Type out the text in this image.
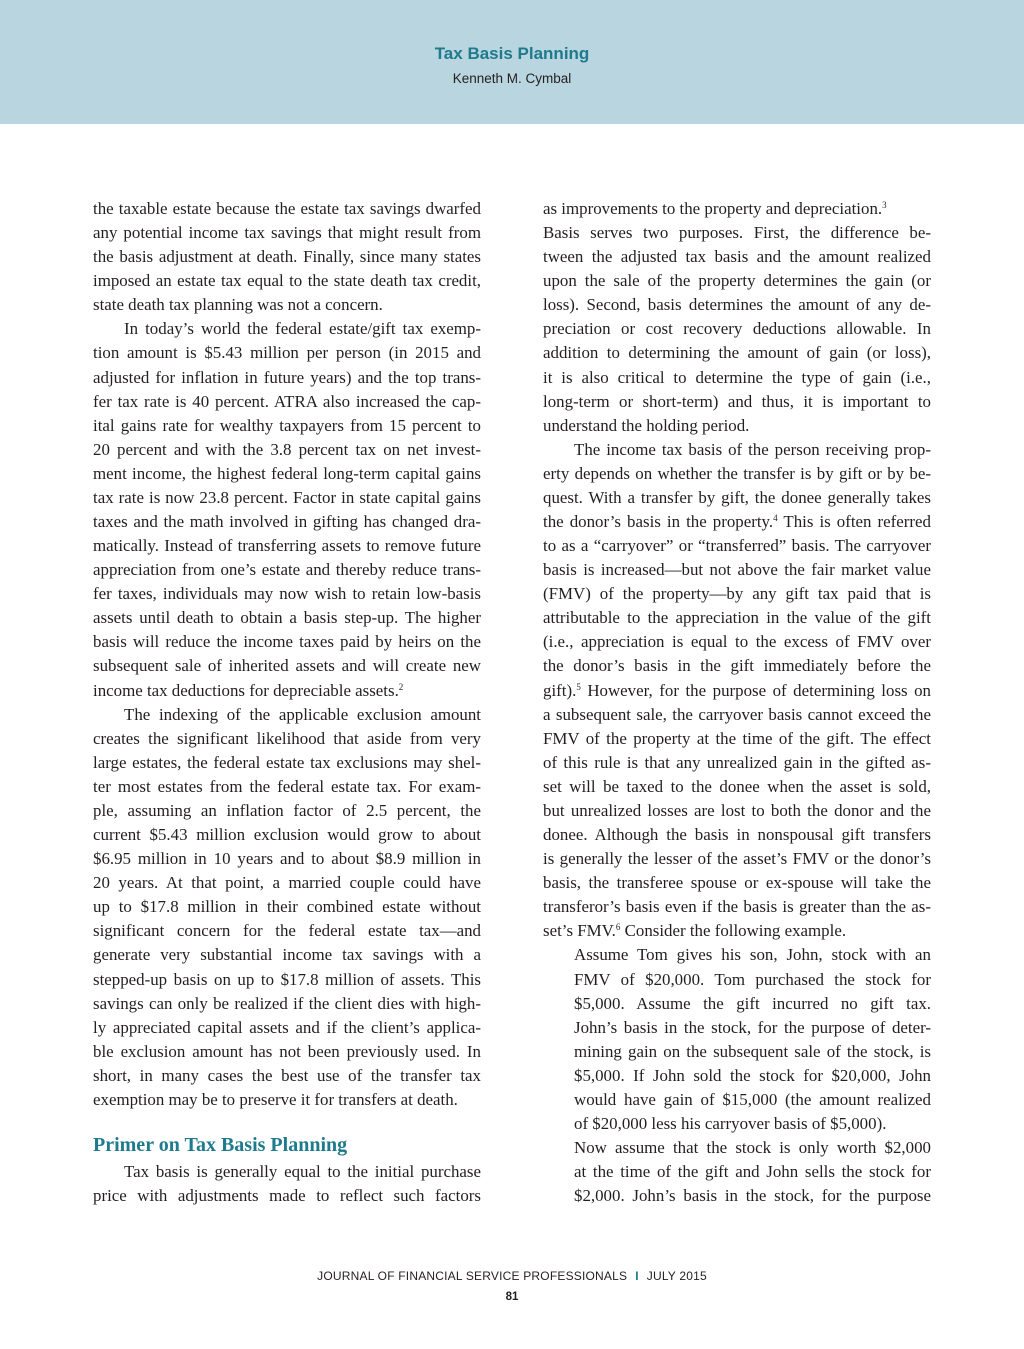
Tax Basis Planning
Kenneth M. Cymbal

the taxable estate because the estate tax savings dwarfed
any potential income tax savings that might result from
the basis adjustment at death. Finally, since many states
imposed an estate tax equal to the state death tax credit,
state death tax planning was not a concern.

In today’s world the federal estate/gift tax exemp-
tion amount is $5.43 million per person (in 2015 and
adjusted for inflation in future years) and the top trans-
fer tax rate is 40 percent. ATRA also increased the cap-
ital gains rate for wealthy taxpayers from 15 percent to
20 percent and with the 3.8 percent tax on net invest-
ment income, the highest federal long-term capital gains
tax rate is now 23.8 percent. Factor in state capital gains
taxes and the math involved in gifting has changed dra-
matically. Instead of transferring assets to remove future
appreciation from one’s estate and thereby reduce trans-
fer taxes, individuals may now wish to retain low-basis
assets until death to obtain a basis step-up. The higher
basis will reduce the income taxes paid by heirs on the
subsequent sale of inherited assets and will create new
income tax deductions for depreciable assets.$^2$

The indexing of the applicable exclusion amount
creates the significant likelihood that aside from very
large estates, the federal estate tax exclusions may shel-
ter most estates from the federal estate tax. For exam-
ple, assuming an inflation factor of 2.5 percent, the
current $5.43 million exclusion would grow to about
$6.95 million in 10 years and to about $8.9 million in
20 years. At that point, a married couple could have
up to $17.8 million in their combined estate without
significant concern for the federal estate tax—and
generate very substantial income tax savings with a
stepped-up basis on up to $17.8 million of assets. This
savings can only be realized if the client dies with high-
ly appreciated capital assets and if the client’s applica-
ble exclusion amount has not been previously used. In
short, in many cases the best use of the transfer tax
exemption may be to preserve it for transfers at death.

Primer on Tax Basis Planning

Tax basis is generally equal to the initial purchase
price with adjustments made to reflect such factors

as improvements to the property and depreciation.$^3$
Basis serves two purposes. First, the difference be-
tween the adjusted tax basis and the amount realized
upon the sale of the property determines the gain (or
loss). Second, basis determines the amount of any de-
preciation or cost recovery deductions allowable. In
addition to determining the amount of gain (or loss),
it is also critical to determine the type of gain (i.e.,
long-term or short-term) and thus, it is important to
understand the holding period.

The income tax basis of the person receiving prop-
erty depends on whether the transfer is by gift or by be-
quest. With a transfer by gift, the donee generally takes
the donor’s basis in the property.$^4$ This is often referred
to as a “carryover” or “transferred” basis. The carryover
basis is increased—but not above the fair market value
(FMV) of the property—by any gift tax paid that is
attributable to the appreciation in the value of the gift
(i.e., appreciation is equal to the excess of FMV over
the donor’s basis in the gift immediately before the
gift).$^5$ However, for the purpose of determining loss on
a subsequent sale, the carryover basis cannot exceed the
FMV of the property at the time of the gift. The effect
of this rule is that any unrealized gain in the gifted as-
set will be taxed to the donee when the asset is sold,
but unrealized losses are lost to both the donor and the
donee. Although the basis in nonspousal gift transfers
is generally the lesser of the asset’s FMV or the donor’s
basis, the transferee spouse or ex-spouse will take the
transferor’s basis even if the basis is greater than the as-
set’s FMV.$^6$ Consider the following example.

Assume Tom gives his son, John, stock with an
FMV of $20,000. Tom purchased the stock for
$5,000. Assume the gift incurred no gift tax.
John’s basis in the stock, for the purpose of deter-
mining gain on the subsequent sale of the stock, is
$5,000. If John sold the stock for $20,000, John
would have gain of $15,000 (the amount realized
of $20,000 less his carryover basis of $5,000).
Now assume that the stock is only worth $2,000
at the time of the gift and John sells the stock for
$2,000. John’s basis in the stock, for the purpose

JOURNAL OF FINANCIAL SERVICE PROFESSIONALS I JULY 2015
81
